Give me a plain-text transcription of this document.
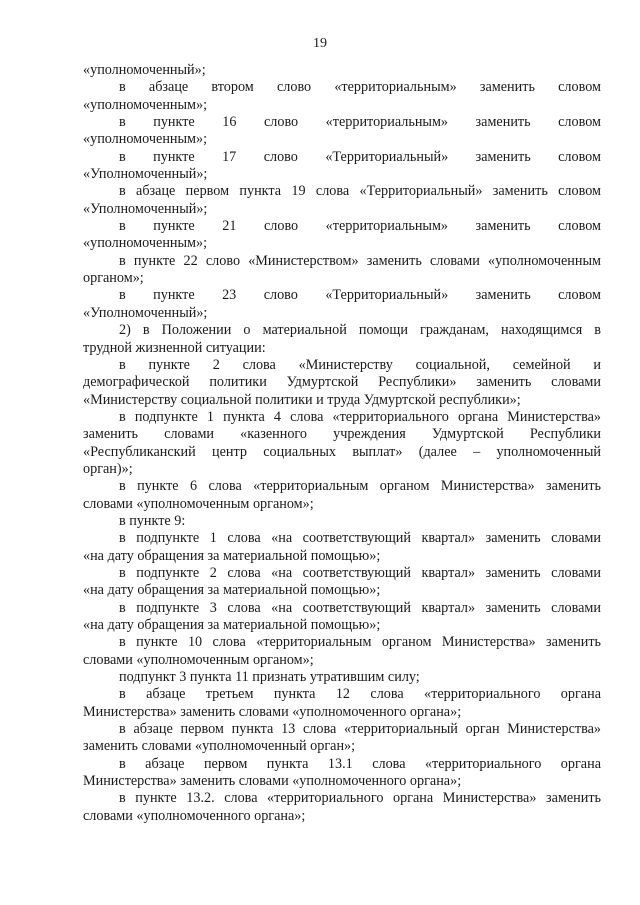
19
«уполномоченный»;
в абзаце втором слово «территориальным» заменить словом
«уполномоченным»;
в пункте 16 слово «территориальным» заменить словом
«уполномоченным»;
в пункте 17 слово «Территориальный» заменить словом
«Уполномоченный»;
в абзаце первом пункта 19 слова «Территориальный» заменить словом
«Уполномоченный»;
в пункте 21 слово «территориальным» заменить словом
«уполномоченным»;
в пункте 22 слово «Министерством» заменить словами «уполномоченным
органом»;
в пункте 23 слово «Территориальный» заменить словом
«Уполномоченный»;
2) в Положении о материальной помощи гражданам, находящимся в
трудной жизненной ситуации:
в пункте 2 слова «Министерству социальной, семейной и
демографической политики Удмуртской Республики» заменить словами
«Министерству социальной политики и труда Удмуртской республики»;
в подпункте 1 пункта 4 слова «территориального органа Министерства»
заменить словами «казенного учреждения Удмуртской Республики
«Республиканский центр социальных выплат» (далее – уполномоченный
орган)»;
в пункте 6 слова «территориальным органом Министерства» заменить
словами «уполномоченным органом»;
в пункте 9:
в подпункте 1 слова «на соответствующий квартал» заменить словами
«на дату обращения за материальной помощью»;
в подпункте 2 слова «на соответствующий квартал» заменить словами
«на дату обращения за материальной помощью»;
в подпункте 3 слова «на соответствующий квартал» заменить словами
«на дату обращения за материальной помощью»;
в пункте 10 слова «территориальным органом Министерства» заменить
словами «уполномоченным органом»;
подпункт 3 пункта 11 признать утратившим силу;
в абзаце третьем пункта 12 слова «территориального органа
Министерства» заменить словами «уполномоченного органа»;
в абзаце первом пункта 13 слова «территориальный орган Министерства»
заменить словами «уполномоченный орган»;
в абзаце первом пункта 13.1 слова «территориального органа
Министерства» заменить словами «уполномоченного органа»;
в пункте 13.2. слова «территориального органа Министерства» заменить
словами «уполномоченного органа»;
